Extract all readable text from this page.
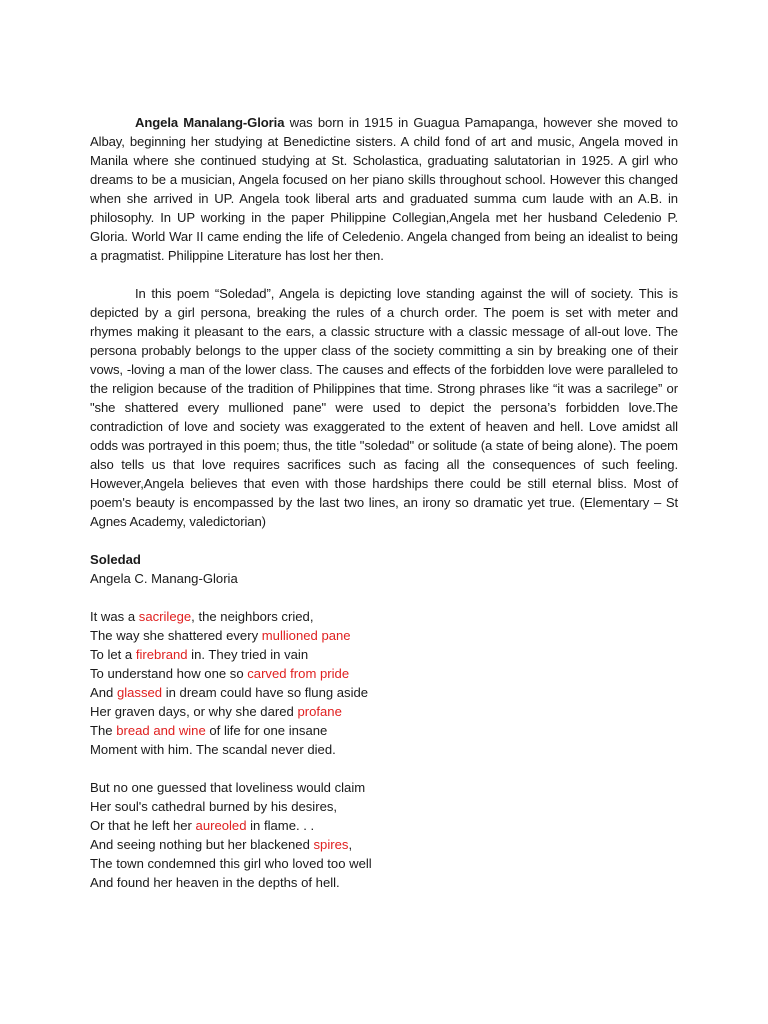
Angela Manalang-Gloria was born in 1915 in Guagua Pamapanga, however she moved to Albay, beginning her studying at Benedictine sisters. A child fond of art and music, Angela moved in Manila where she continued studying at St. Scholastica, graduating salutatorian in 1925. A girl who dreams to be a musician, Angela focused on her piano skills throughout school. However this changed when she arrived in UP. Angela took liberal arts and graduated summa cum laude with an A.B. in philosophy. In UP working in the paper Philippine Collegian,Angela met her husband Celedenio P. Gloria. World War II came ending the life of Celedenio. Angela changed from being an idealist to being a pragmatist. Philippine Literature has lost her then.

In this poem “Soledad”, Angela is depicting love standing against the will of society. This is depicted by a girl persona, breaking the rules of a church order. The poem is set with meter and rhymes making it pleasant to the ears, a classic structure with a classic message of all-out love. The persona probably belongs to the upper class of the society committing a sin by breaking one of their vows, -loving a man of the lower class. The causes and effects of the forbidden love were paralleled to the religion because of the tradition of Philippines that time. Strong phrases like “it was a sacrilege” or "she shattered every mullioned pane" were used to depict the persona’s forbidden love.The contradiction of love and society was exaggerated to the extent of heaven and hell. Love amidst all odds was portrayed in this poem; thus, the title "soledad" or solitude (a state of being alone). The poem also tells us that love requires sacrifices such as facing all the consequences of such feeling. However,Angela believes that even with those hardships there could be still eternal bliss. Most of poem's beauty is encompassed by the last two lines, an irony so dramatic yet true. (Elementary – St Agnes Academy, valedictorian)

Soledad
Angela C. Manang-Gloria
It was a sacrilege, the neighbors cried,
The way she shattered every mullioned pane
To let a firebrand in. They tried in vain
To understand how one so carved from pride
And glassed in dream could have so flung aside
Her graven days, or why she dared profane
The bread and wine of life for one insane
Moment with him. The scandal never died.
But no one guessed that loveliness would claim
Her soul's cathedral burned by his desires,
Or that he left her aureoled in flame. . .
And seeing nothing but her blackened spires,
The town condemned this girl who loved too well
And found her heaven in the depths of hell.
